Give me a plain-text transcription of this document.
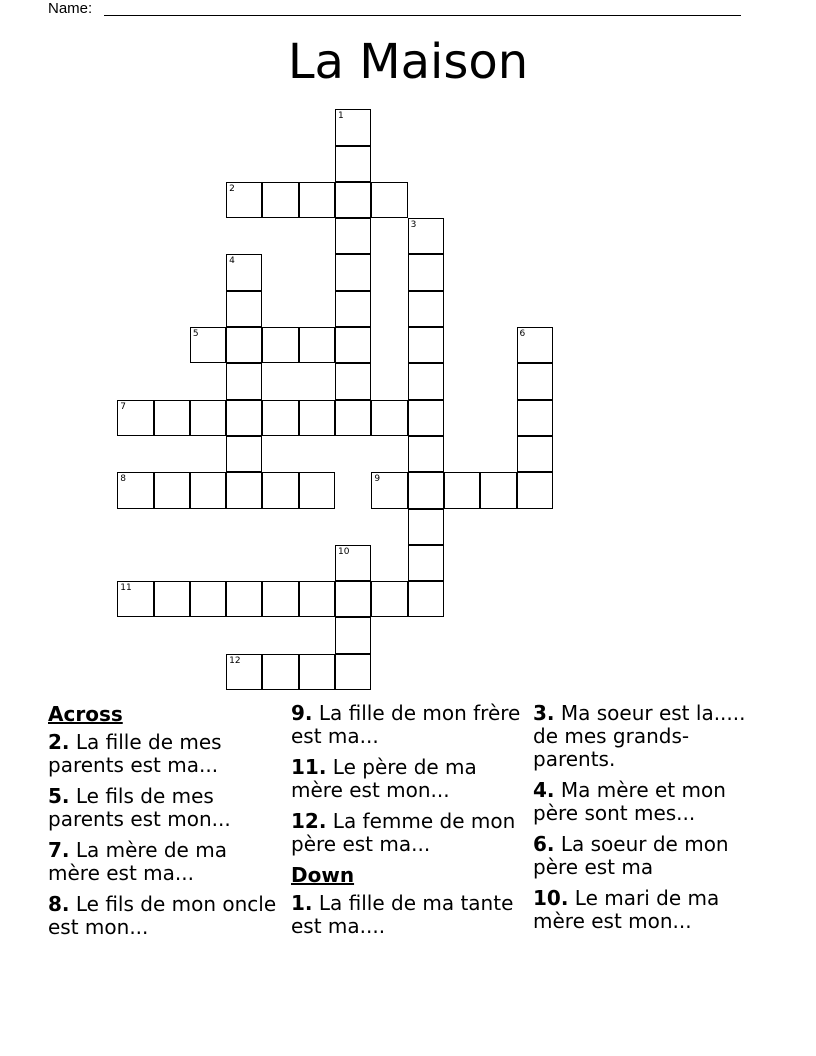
Name:
La Maison
1
2
3
4
5	6
7
8	9
10
11
12
Across
2. La fille de mes parents est ma...
5. Le fils de mes parents est mon...
7. La mère de ma mère est ma...
8. Le fils de mon oncle est mon...
9. La fille de mon frère est ma...
11. Le père de ma mère est mon...
12. La femme de mon père est ma...
Down
1. La fille de ma tante est ma....
3. Ma soeur est la..... de mes grands-parents.
4. Ma mère et mon père sont mes...
6. La soeur de mon père est ma
10. Le mari de ma mère est mon...
